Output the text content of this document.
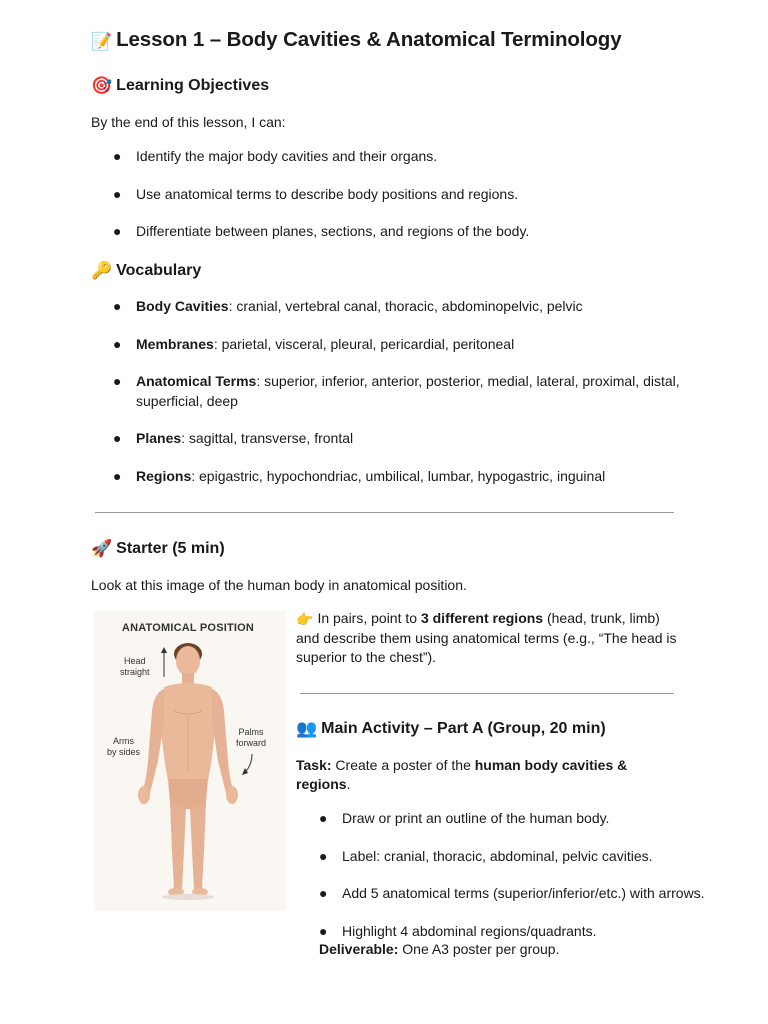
📝 Lesson 1 – Body Cavities & Anatomical Terminology
🎯 Learning Objectives
By the end of this lesson, I can:
● Identify the major body cavities and their organs.
● Use anatomical terms to describe body positions and regions.
● Differentiate between planes, sections, and regions of the body.
🔑 Vocabulary
● Body Cavities: cranial, vertebral canal, thoracic, abdominopelvic, pelvic
● Membranes: parietal, visceral, pleural, pericardial, peritoneal
● Anatomical Terms: superior, inferior, anterior, posterior, medial, lateral, proximal, distal,
superficial, deep
● Planes: sagittal, transverse, frontal
● Regions: epigastric, hypochondriac, umbilical, lumbar, hypogastric, inguinal
🚀 Starter (5 min)
Look at this image of the human body in anatomical position.
ANATOMICAL POSITION
Head
straight
Arms
by sides
Palms
forward
👉 In pairs, point to 3 different regions (head, trunk, limb)
and describe them using anatomical terms (e.g., “The head is
superior to the chest”).
👥 Main Activity – Part A (Group, 20 min)
Task: Create a poster of the human body cavities &
regions.
● Draw or print an outline of the human body.
● Label: cranial, thoracic, abdominal, pelvic cavities.
● Add 5 anatomical terms (superior/inferior/etc.) with arrows.
● Highlight 4 abdominal regions/quadrants.
Deliverable: One A3 poster per group.
